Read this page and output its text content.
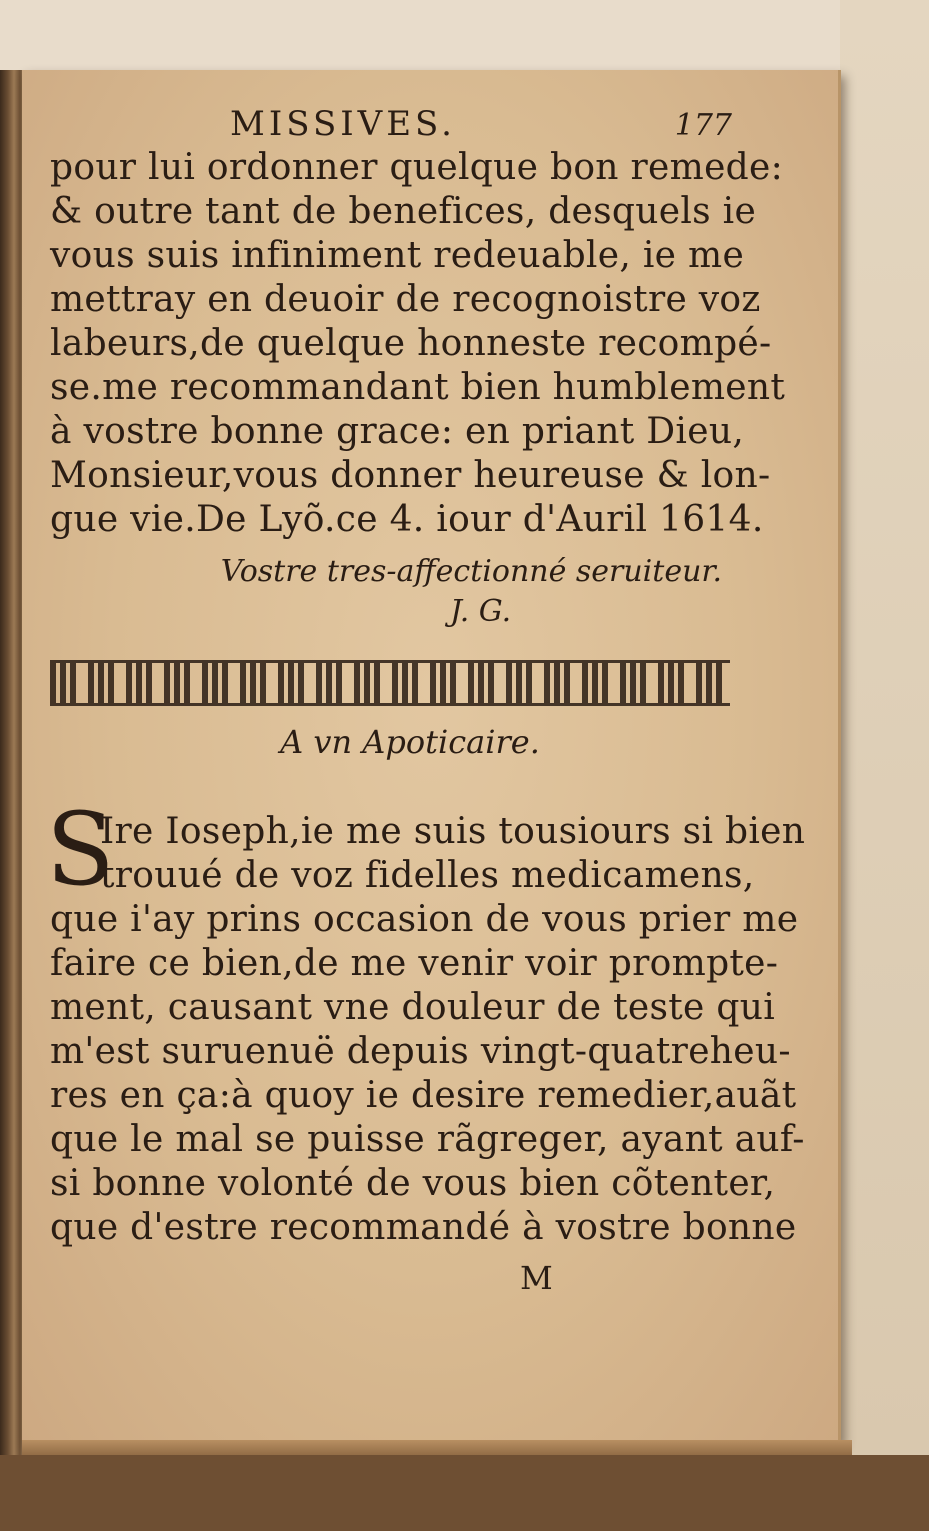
MISSIVES.	177
pour lui ordonner quelque bon remede:
& outre tant de benefices, desquels ie
vous suis infiniment redeuable, ie me
mettray en deuoir de recognoistre voz
labeurs,de quelque honneste recompé-
se.me recommandant bien humblement
à vostre bonne grace: en priant Dieu,
Monsieur,vous donner heureuse & lon-
gue vie.De Lyõ.ce 4. iour d'Auril 1614.
Vostre tres-affectionné seruiteur.
J. G.
A vn Apoticaire.
S
Ire Ioseph,ie me suis tousiours si bien
trouué de voz fidelles medicamens,
que i'ay prins occasion de vous prier me
faire ce bien,de me venir voir prompte-
ment, causant vne douleur de teste qui
m'est suruenuë depuis vingt-quatreheu-
res en ça:à quoy ie desire remedier,auãt
que le mal se puisse rãgreger, ayant auf-
si bonne volonté de vous bien cõtenter,
que d'estre recommandé à vostre bonne
M
